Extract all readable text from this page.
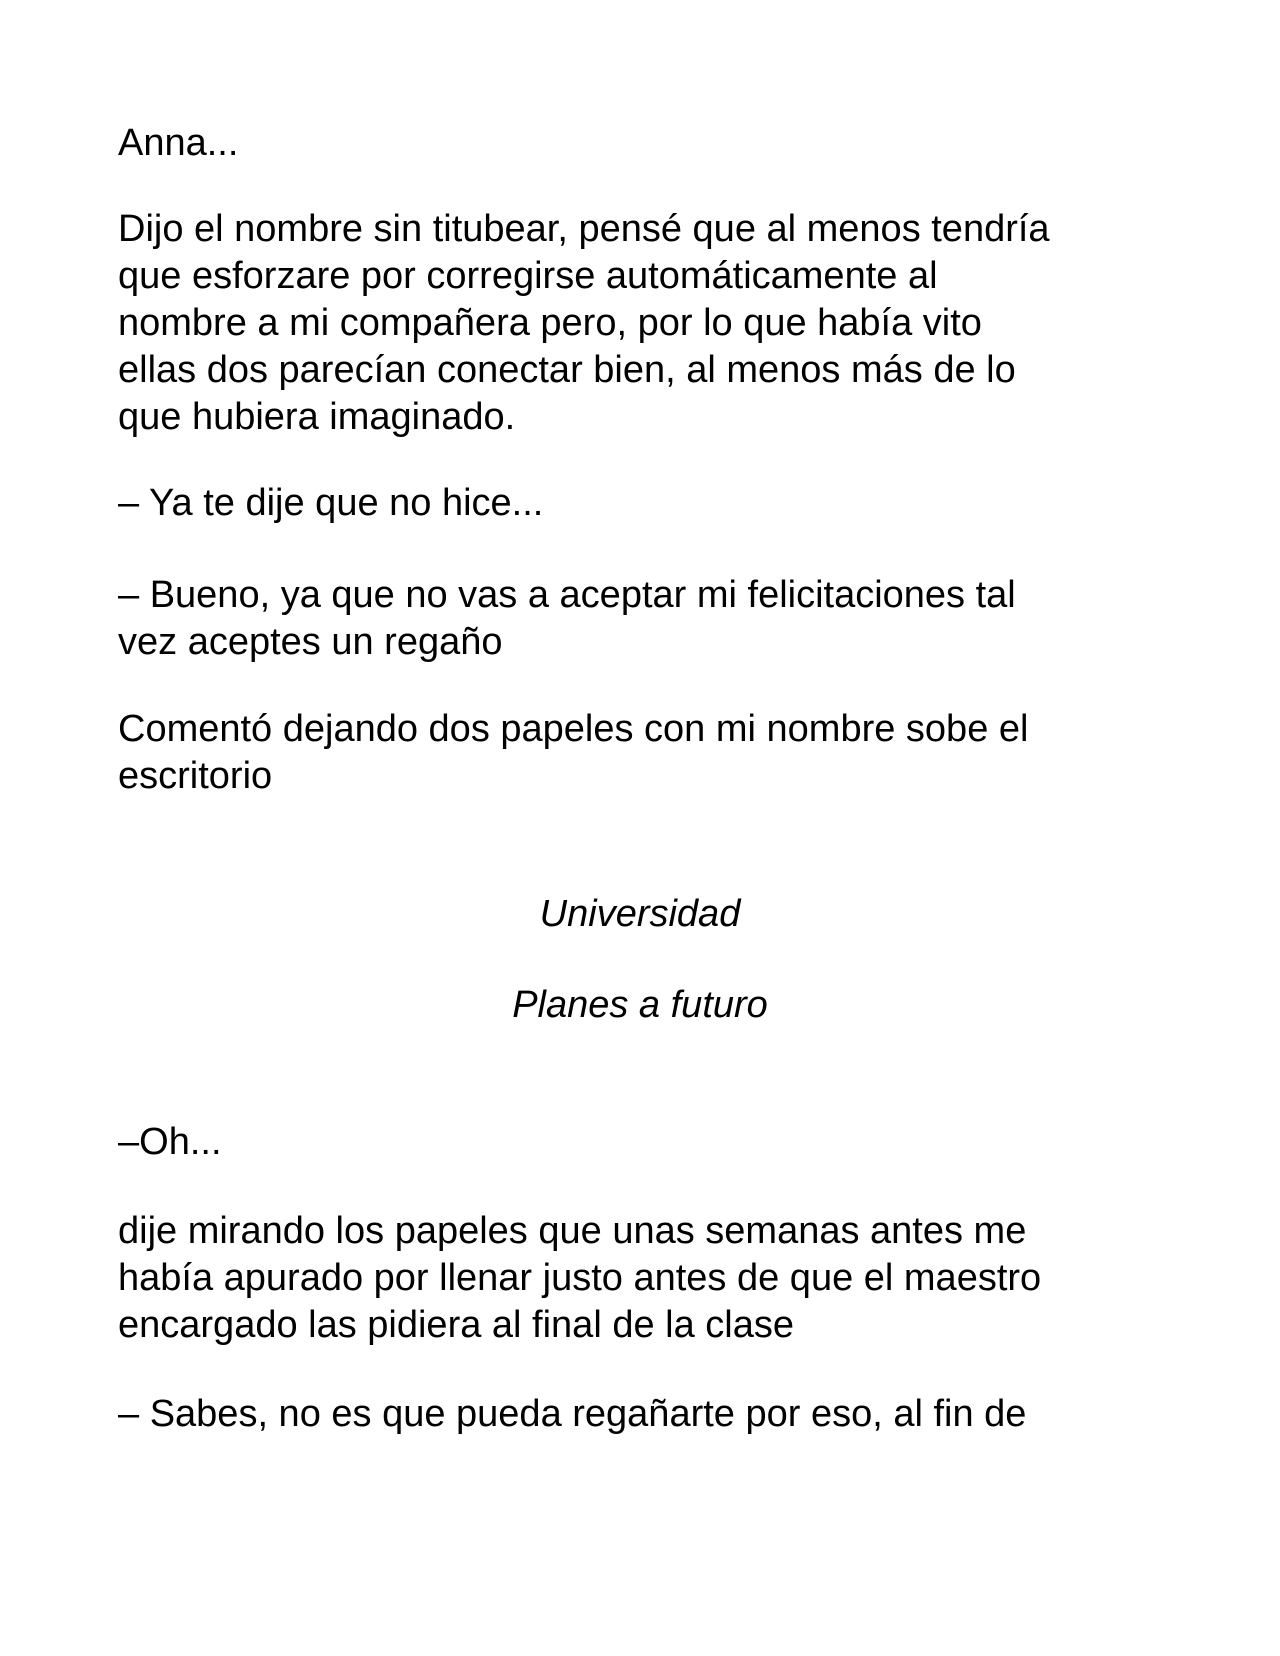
Anna...

Dijo el nombre sin titubear, pensé que al menos tendría

que esforzare por corregirse automáticamente al

nombre a mi compañera pero, por lo que había vito

ellas dos parecían conectar bien, al menos más de lo

que hubiera imaginado.

– Ya te dije que no hice...

– Bueno, ya que no vas a aceptar mi felicitaciones tal

vez aceptes un regaño

Comentó dejando dos papeles con mi nombre sobe el

escritorio

Universidad

Planes a futuro

–Oh...

dije mirando los papeles que unas semanas antes me

había apurado por llenar justo antes de que el maestro

encargado las pidiera al final de la clase

– Sabes, no es que pueda regañarte por eso, al fin de
